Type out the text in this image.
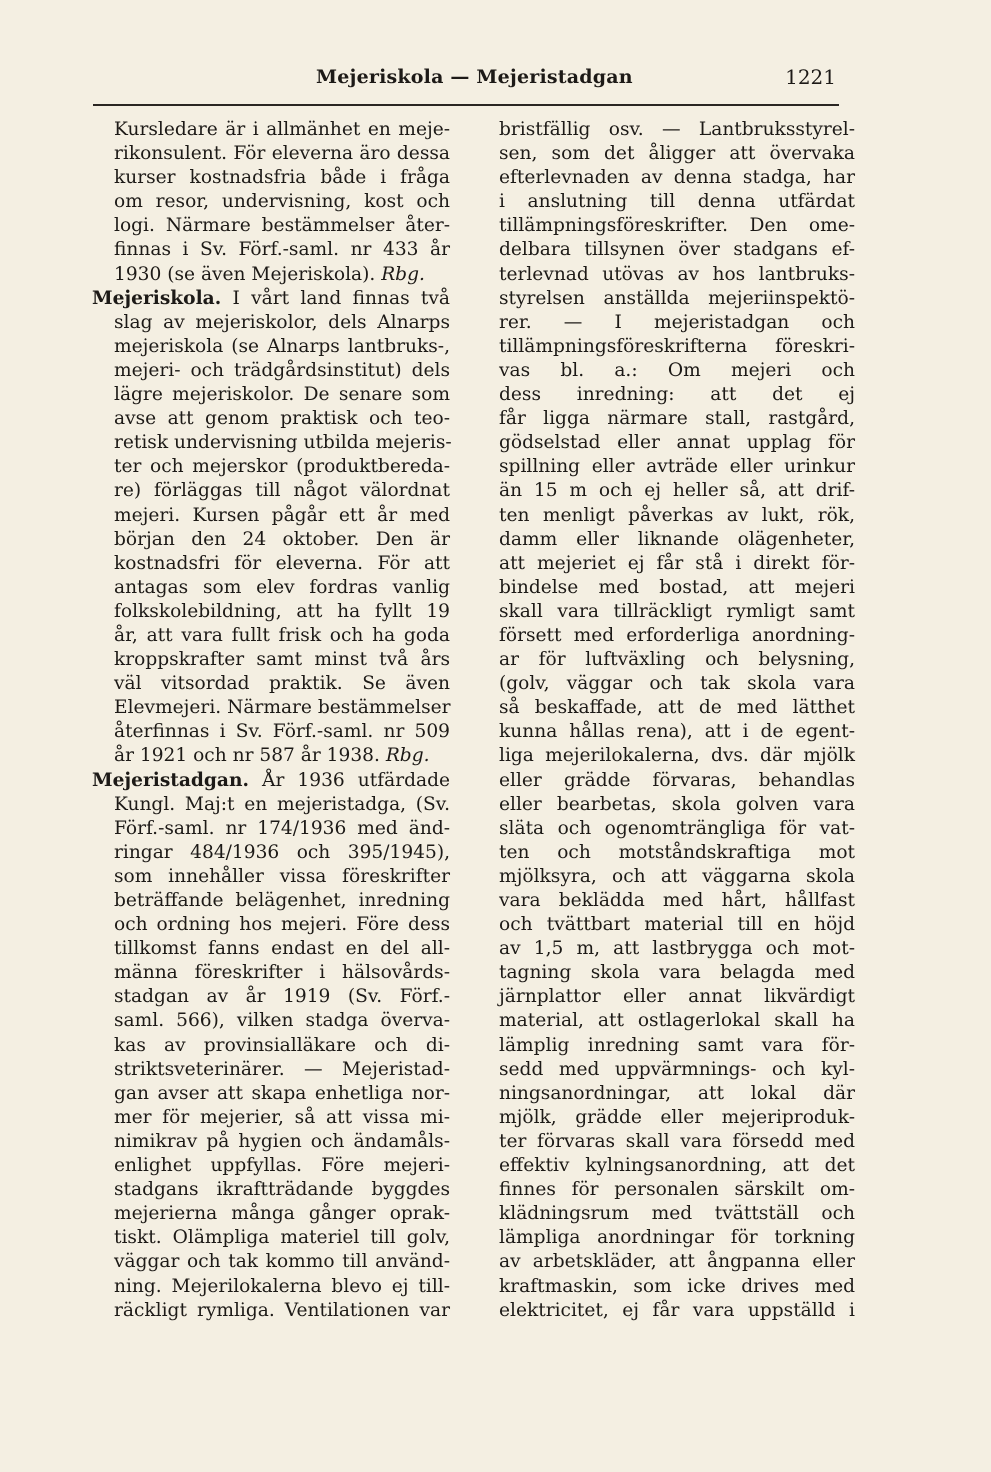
Mejeriskola — Mejeristadgan	1221
Kursledare är i allmänhet en meje-
rikonsulent. För eleverna äro dessa
kurser kostnadsfria både i fråga
om resor, undervisning, kost och
logi. Närmare bestämmelser åter-
finnas i Sv. Förf.-saml. nr 433 år
1930 (se även Mejeriskola). Rbg.
Mejeriskola. I vårt land finnas två
slag av mejeriskolor, dels Alnarps
mejeriskola (se Alnarps lantbruks-,
mejeri- och trädgårdsinstitut) dels
lägre mejeriskolor. De senare som
avse att genom praktisk och teo-
retisk undervisning utbilda mejeris-
ter och mejerskor (produktbereda-
re) förläggas till något välordnat
mejeri. Kursen pågår ett år med
början den 24 oktober. Den är
kostnadsfri för eleverna. För att
antagas som elev fordras vanlig
folkskolebildning, att ha fyllt 19
år, att vara fullt frisk och ha goda
kroppskrafter samt minst två års
väl vitsordad praktik. Se även
Elevmejeri. Närmare bestämmelser
återfinnas i Sv. Förf.-saml. nr 509
år 1921 och nr 587 år 1938. Rbg.
Mejeristadgan. År 1936 utfärdade
Kungl. Maj:t en mejeristadga, (Sv.
Förf.-saml. nr 174/1936 med änd-
ringar 484/1936 och 395/1945),
som innehåller vissa föreskrifter
beträffande belägenhet, inredning
och ordning hos mejeri. Före dess
tillkomst fanns endast en del all-
männa föreskrifter i hälsovårds-
stadgan av år 1919 (Sv. Förf.-
saml. 566), vilken stadga överva-
kas av provinsialläkare och di-
striktsveterinärer. — Mejeristad-
gan avser att skapa enhetliga nor-
mer för mejerier, så att vissa mi-
nimikrav på hygien och ändamåls-
enlighet uppfyllas. Före mejeri-
stadgans ikraftträdande byggdes
mejerierna många gånger oprak-
tiskt. Olämpliga materiel till golv,
väggar och tak kommo till använd-
ning. Mejerilokalerna blevo ej till-
räckligt rymliga. Ventilationen var
bristfällig osv. — Lantbruksstyrel-
sen, som det åligger att övervaka
efterlevnaden av denna stadga, har
i anslutning till denna utfärdat
tillämpningsföreskrifter. Den ome-
delbara tillsynen över stadgans ef-
terlevnad utövas av hos lantbruks-
styrelsen anställda mejeriinspektö-
rer. — I mejeristadgan och
tillämpningsföreskrifterna föreskri-
vas bl. a.: Om mejeri och
dess inredning: att det ej
får ligga närmare stall, rastgård,
gödselstad eller annat upplag för
spillning eller avträde eller urinkur
än 15 m och ej heller så, att drif-
ten menligt påverkas av lukt, rök,
damm eller liknande olägenheter,
att mejeriet ej får stå i direkt för-
bindelse med bostad, att mejeri
skall vara tillräckligt rymligt samt
försett med erforderliga anordning-
ar för luftväxling och belysning,
(golv, väggar och tak skola vara
så beskaffade, att de med lätthet
kunna hållas rena), att i de egent-
liga mejerilokalerna, dvs. där mjölk
eller grädde förvaras, behandlas
eller bearbetas, skola golven vara
släta och ogenomträngliga för vat-
ten och motståndskraftiga mot
mjölksyra, och att väggarna skola
vara beklädda med hårt, hållfast
och tvättbart material till en höjd
av 1,5 m, att lastbrygga och mot-
tagning skola vara belagda med
järnplattor eller annat likvärdigt
material, att ostlagerlokal skall ha
lämplig inredning samt vara för-
sedd med uppvärmnings- och kyl-
ningsanordningar, att lokal där
mjölk, grädde eller mejeriproduk-
ter förvaras skall vara försedd med
effektiv kylningsanordning, att det
finnes för personalen särskilt om-
klädningsrum med tvättställ och
lämpliga anordningar för torkning
av arbetskläder, att ångpanna eller
kraftmaskin, som icke drives med
elektricitet, ej får vara uppställd i
